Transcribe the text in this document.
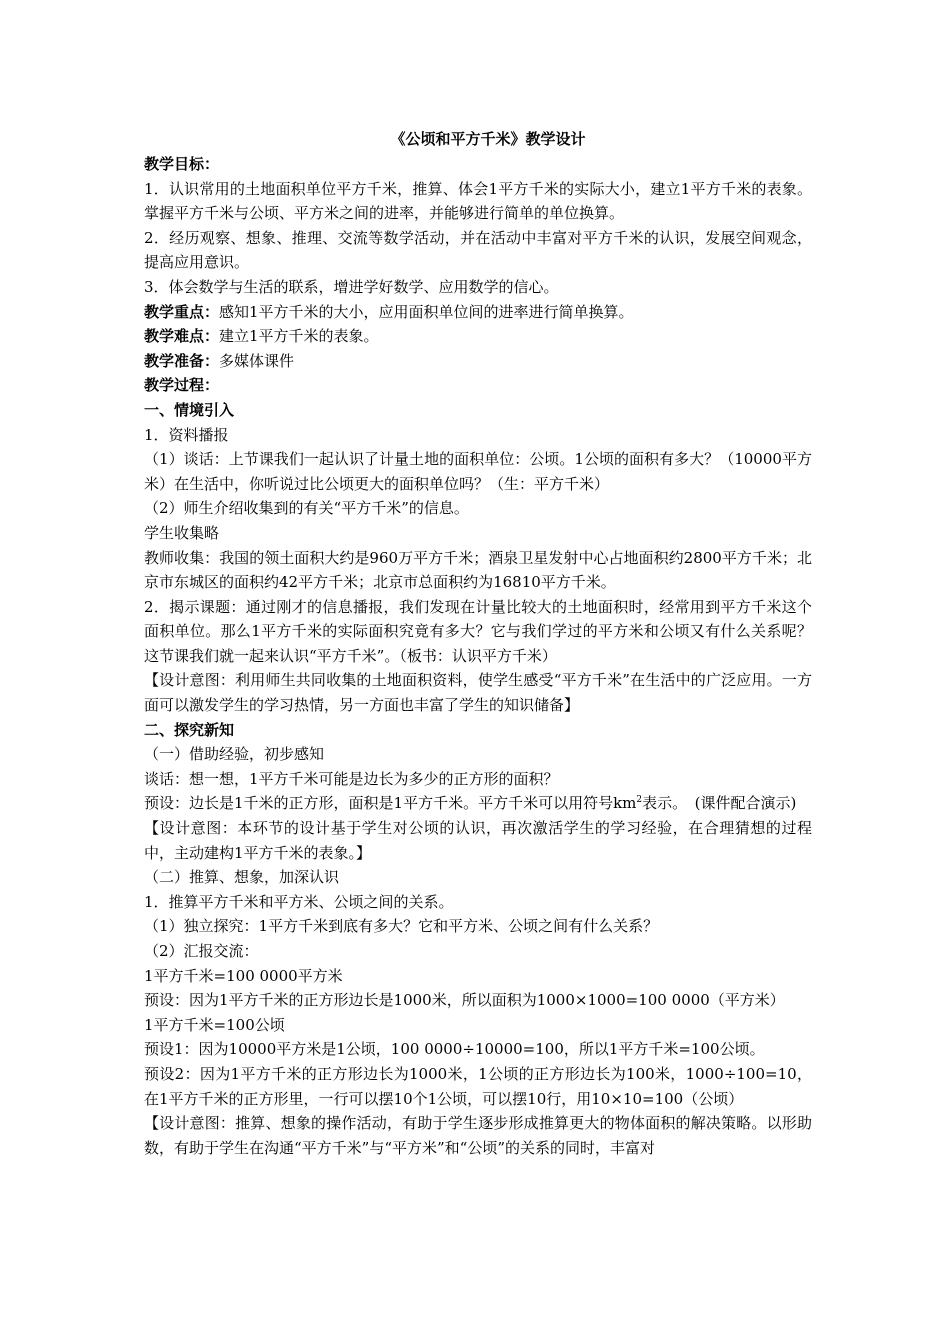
《公顷和平方千米》教学设计
教学目标：
1．认识常用的土地面积单位平方千米，推算、体会1平方千米的实际大小，建立1平方千米的表象。掌握平方千米与公顷、平方米之间的进率，并能够进行简单的单位换算。
2．经历观察、想象、推理、交流等数学活动，并在活动中丰富对平方千米的认识，发展空间观念，提高应用意识。
3．体会数学与生活的联系，增进学好数学、应用数学的信心。
教学重点：感知1平方千米的大小，应用面积单位间的进率进行简单换算。
教学难点：建立1平方千米的表象。
教学准备：多媒体课件
教学过程：
一、情境引入
1．资料播报
（1）谈话：上节课我们一起认识了计量土地的面积单位：公顷。1公顷的面积有多大？（10000平方米）在生活中，你听说过比公顷更大的面积单位吗？（生：平方千米）
（2）师生介绍收集到的有关“平方千米”的信息。
学生收集略
教师收集：我国的领土面积大约是960万平方千米；酒泉卫星发射中心占地面积约2800平方千米；北京市东城区的面积约42平方千米；北京市总面积约为16810平方千米。
2．揭示课题：通过刚才的信息播报，我们发现在计量比较大的土地面积时，经常用到平方千米这个面积单位。那么1平方千米的实际面积究竟有多大？它与我们学过的平方米和公顷又有什么关系呢？这节课我们就一起来认识“平方千米”。（板书：认识平方千米）
【设计意图：利用师生共同收集的土地面积资料，使学生感受“平方千米”在生活中的广泛应用。一方面可以激发学生的学习热情，另一方面也丰富了学生的知识储备】
二、探究新知
（一）借助经验，初步感知
谈话：想一想，1平方千米可能是边长为多少的正方形的面积？
预设：边长是1千米的正方形，面积是1平方千米。平方千米可以用符号$km^2$表示。　(课件配合演示)
【设计意图：本环节的设计基于学生对公顷的认识，再次激活学生的学习经验，在合理猜想的过程中，主动建构1平方千米的表象。】
（二）推算、想象，加深认识
1．推算平方千米和平方米、公顷之间的关系。
（1）独立探究：1平方千米到底有多大？它和平方米、公顷之间有什么关系？
（2）汇报交流：
1平方千米=100 0000平方米
预设：因为1平方千米的正方形边长是1000米，所以面积为1000×1000=100 0000（平方米）
1平方千米=100公顷
预设1：因为10000平方米是1公顷，100 0000÷10000=100，所以1平方千米=100公顷。
预设2：因为1平方千米的正方形边长为1000米，1公顷的正方形边长为100米，1000÷100=10，在1平方千米的正方形里，一行可以摆10个1公顷，可以摆10行，用10×10=100（公顷）
【设计意图：推算、想象的操作活动，有助于学生逐步形成推算更大的物体面积的解决策略。以形助数，有助于学生在沟通“平方千米”与“平方米”和“公顷”的关系的同时，丰富对
